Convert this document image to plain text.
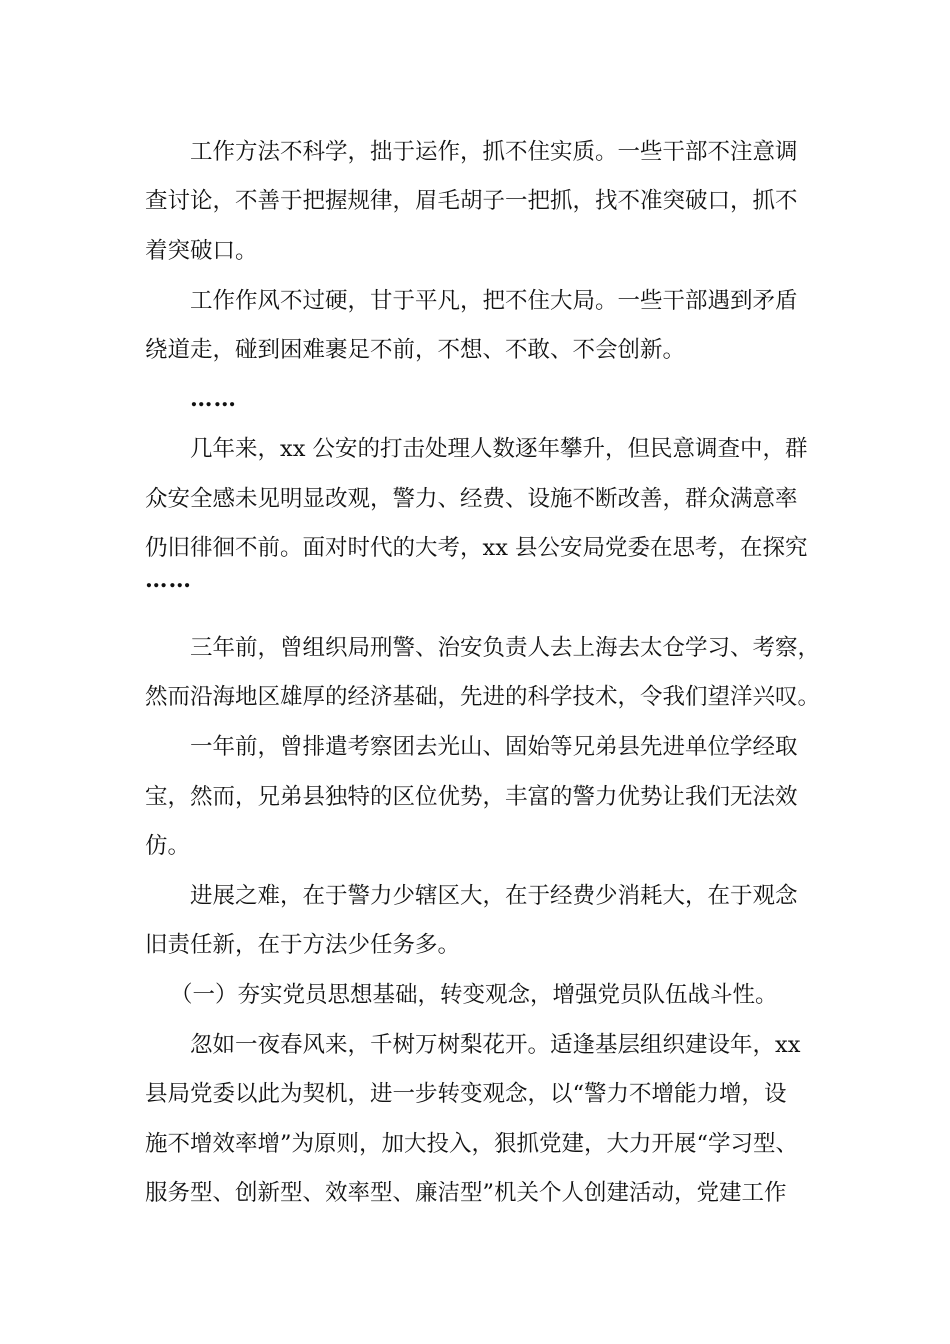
工作方法不科学，拙于运作，抓不住实质。一些干部不注意调
查讨论，不善于把握规律，眉毛胡子一把抓，找不准突破口，抓不
着突破口。
工作作风不过硬，甘于平凡，把不住大局。一些干部遇到矛盾
绕道走，碰到困难裹足不前，不想、不敢、不会创新。
……
几年来，xx 公安的打击处理人数逐年攀升，但民意调查中，群
众安全感未见明显改观，警力、经费、设施不断改善，群众满意率
仍旧徘徊不前。面对时代的大考，xx 县公安局党委在思考，在探究
……
三年前，曾组织局刑警、治安负责人去上海去太仓学习、考察，
然而沿海地区雄厚的经济基础，先进的科学技术，令我们望洋兴叹。
一年前，曾排遣考察团去光山、固始等兄弟县先进单位学经取
宝，然而，兄弟县独特的区位优势，丰富的警力优势让我们无法效
仿。
进展之难，在于警力少辖区大，在于经费少消耗大，在于观念
旧责任新，在于方法少任务多。
（一）夯实党员思想基础，转变观念，增强党员队伍战斗性。
忽如一夜春风来，千树万树梨花开。适逢基层组织建设年，xx
县局党委以此为契机，进一步转变观念，以“警力不增能力增，设
施不增效率增”为原则，加大投入，狠抓党建，大力开展“学习型、
服务型、创新型、效率型、廉洁型”机关个人创建活动，党建工作
